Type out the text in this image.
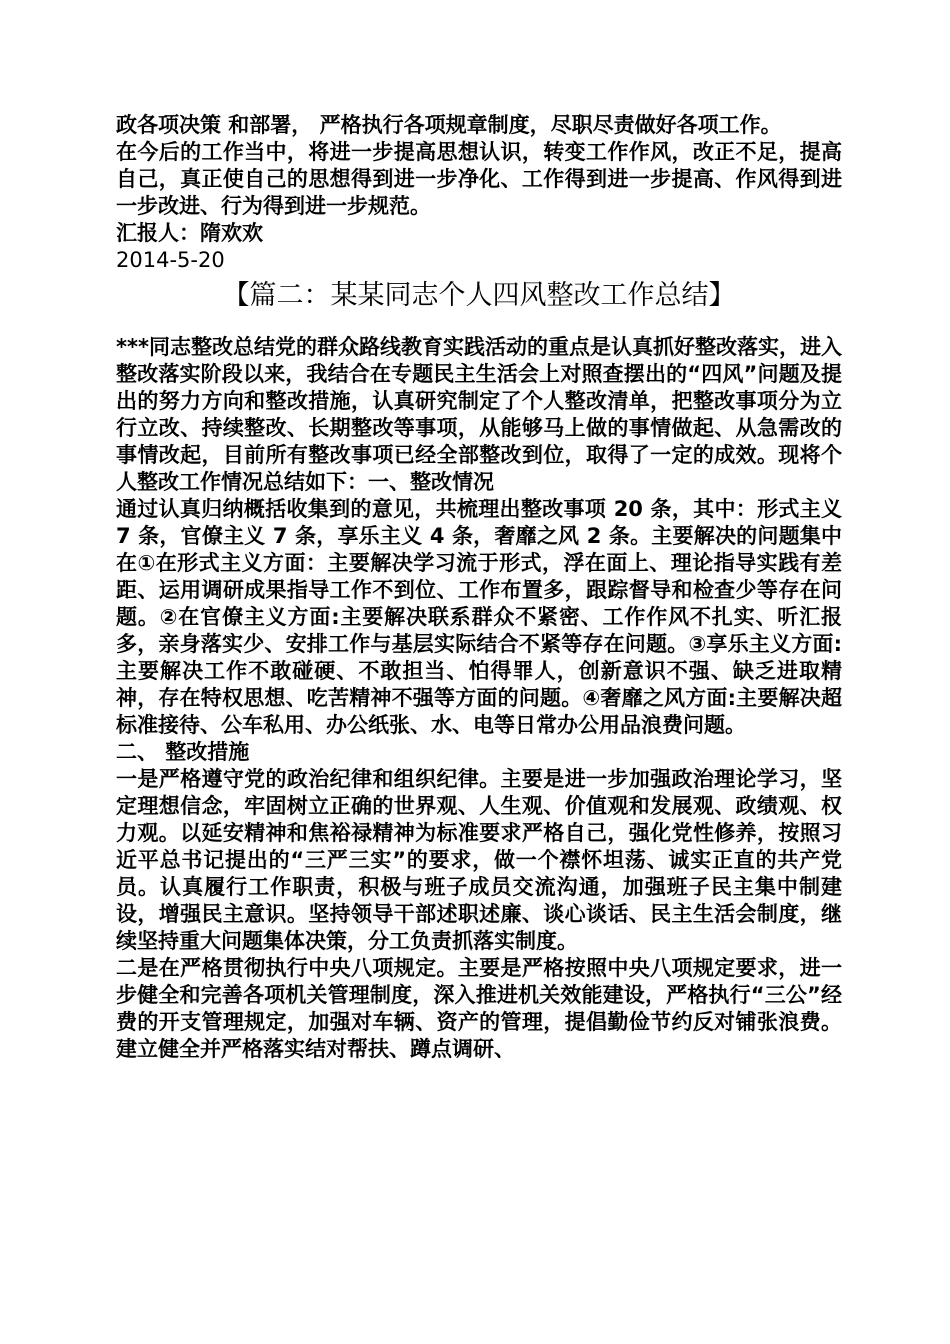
政各项决策 和部署， 严格执行各项规章制度，尽职尽责做好各项工作。

在今后的工作当中，将进一步提高思想认识，转变工作作风，改正不足，提高自己，真正使自己的思想得到进一步净化、工作得到进一步提高、作风得到进一步改进、行为得到进一步规范。

汇报人：隋欢欢

2014-5-20

【篇二：某某同志个人四风整改工作总结】

***同志整改总结党的群众路线教育实践活动的重点是认真抓好整改落实，进入整改落实阶段以来，我结合在专题民主生活会上对照查摆出的“四风”问题及提出的努力方向和整改措施，认真研究制定了个人整改清单，把整改事项分为立行立改、持续整改、长期整改等事项，从能够马上做的事情做起、从急需改的事情改起，目前所有整改事项已经全部整改到位，取得了一定的成效。现将个人整改工作情况总结如下：一、整改情况

通过认真归纳概括收集到的意见，共梳理出整改事项 20 条，其中：形式主义 7 条，官僚主义 7 条，享乐主义 4 条，奢靡之风 2 条。主要解决的问题集中在①在形式主义方面：主要解决学习流于形式，浮在面上、理论指导实践有差距、运用调研成果指导工作不到位、工作布置多，跟踪督导和检查少等存在问题。②在官僚主义方面:主要解决联系群众不紧密、工作作风不扎实、听汇报多，亲身落实少、安排工作与基层实际结合不紧等存在问题。③享乐主义方面: 主要解决工作不敢碰硬、不敢担当、怕得罪人，创新意识不强、缺乏进取精神，存在特权思想、吃苦精神不强等方面的问题。④奢靡之风方面:主要解决超标准接待、公车私用、办公纸张、水、电等日常办公用品浪费问题。

二、 整改措施

一是严格遵守党的政治纪律和组织纪律。主要是进一步加强政治理论学习，坚定理想信念，牢固树立正确的世界观、人生观、价值观和发展观、政绩观、权力观。以延安精神和焦裕禄精神为标准要求严格自己，强化党性修养，按照习近平总书记提出的“三严三实”的要求，做一个襟怀坦荡、诚实正直的共产党员。认真履行工作职责，积极与班子成员交流沟通，加强班子民主集中制建设，增强民主意识。坚持领导干部述职述廉、谈心谈话、民主生活会制度，继续坚持重大问题集体决策，分工负责抓落实制度。

二是在严格贯彻执行中央八项规定。主要是严格按照中央八项规定要求，进一步健全和完善各项机关管理制度，深入推进机关效能建设，严格执行“三公”经费的开支管理规定，加强对车辆、资产的管理，提倡勤俭节约反对铺张浪费。建立健全并严格落实结对帮扶、蹲点调研、
